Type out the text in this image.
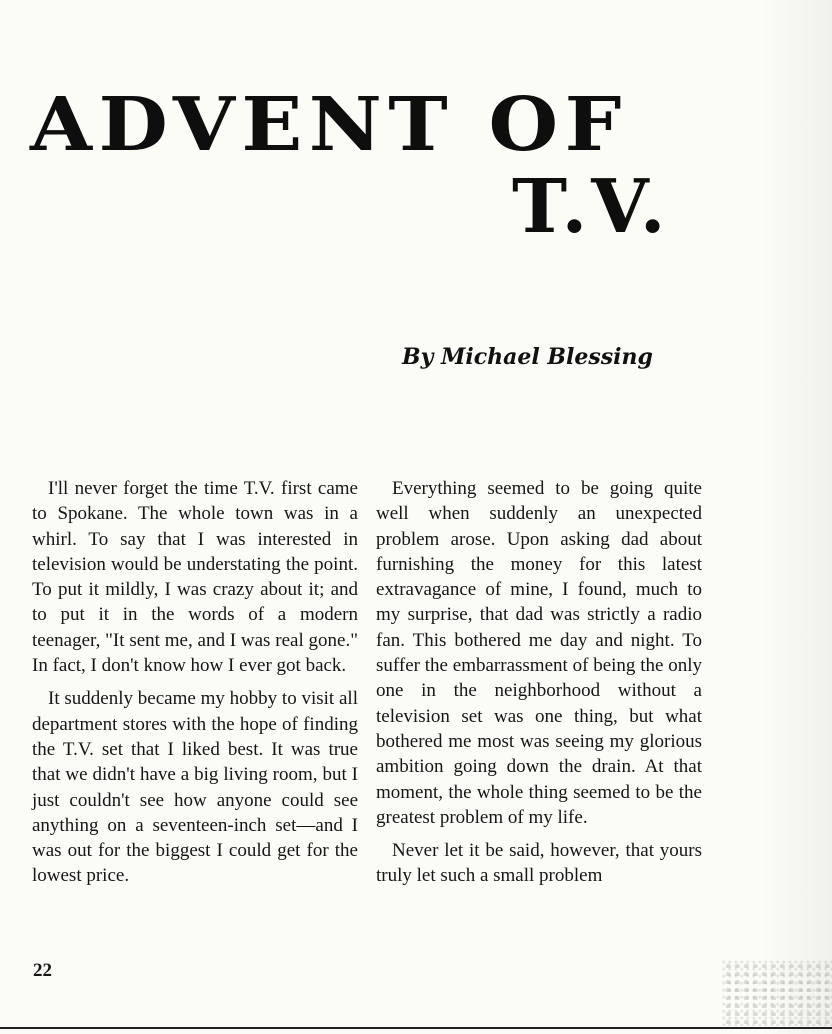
ADVENT OF
T.V.

By Michael Blessing

I'll never forget the time T.V. first came to Spokane. The whole town was in a whirl. To say that I was interested in television would be understating the point. To put it mildly, I was crazy about it; and to put it in the words of a modern teenager, "It sent me, and I was real gone." In fact, I don't know how I ever got back.

It suddenly became my hobby to visit all department stores with the hope of finding the T.V. set that I liked best. It was true that we didn't have a big living room, but I just couldn't see how anyone could see anything on a seventeen-inch set—and I was out for the biggest I could get for the lowest price.

Everything seemed to be going quite well when suddenly an unexpected problem arose. Upon asking dad about furnishing the money for this latest extravagance of mine, I found, much to my surprise, that dad was strictly a radio fan. This bothered me day and night. To suffer the embarrassment of being the only one in the neighborhood without a television set was one thing, but what bothered me most was seeing my glorious ambition going down the drain. At that moment, the whole thing seemed to be the greatest problem of my life.

Never let it be said, however, that yours truly let such a small problem

22
